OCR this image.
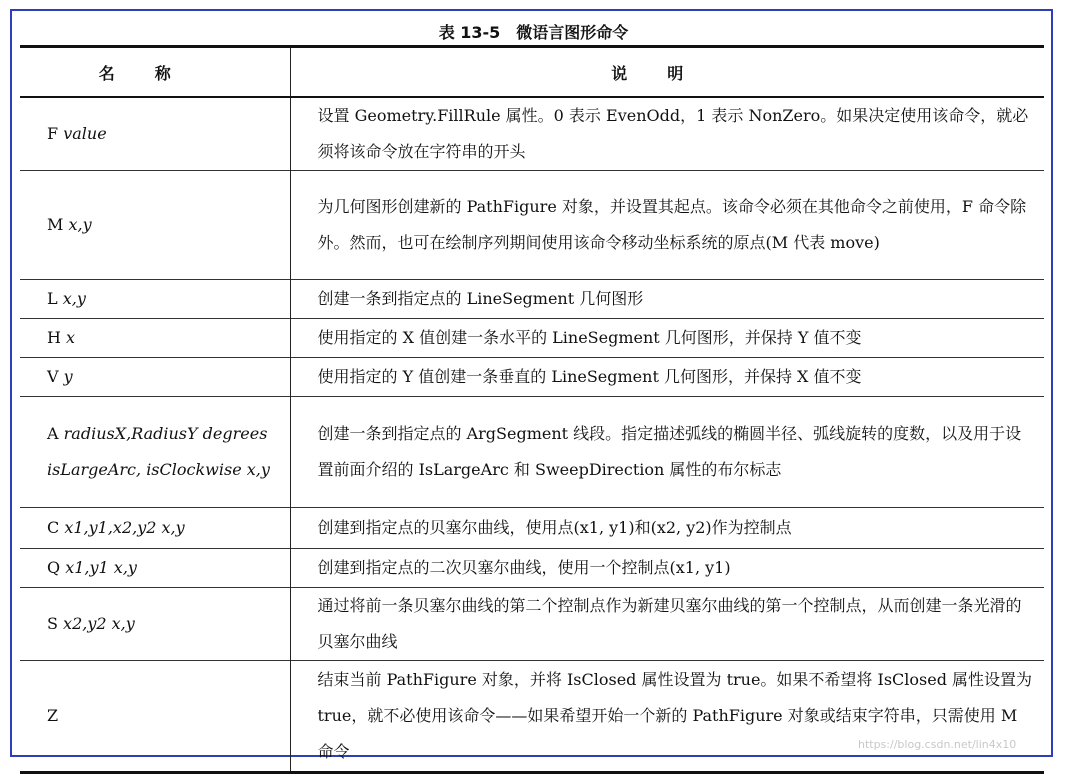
表 13-5　微语言图形命令
名称	说明
F value	设置 Geometry.FillRule 属性。0 表示 EvenOdd，1 表示 NonZero。如果决定使用该命令，就必须将该命令放在字符串的开头
M x,y	为几何图形创建新的 PathFigure 对象，并设置其起点。该命令必须在其他命令之前使用，F 命令除外。然而，也可在绘制序列期间使用该命令移动坐标系统的原点(M 代表 move)
L x,y	创建一条到指定点的 LineSegment 几何图形
H x	使用指定的 X 值创建一条水平的 LineSegment 几何图形，并保持 Y 值不变
V y	使用指定的 Y 值创建一条垂直的 LineSegment 几何图形，并保持 X 值不变
A radiusX,RadiusY degrees isLargeArc, isClockwise x,y	创建一条到指定点的 ArgSegment 线段。指定描述弧线的椭圆半径、弧线旋转的度数，以及用于设置前面介绍的 IsLargeArc 和 SweepDirection 属性的布尔标志
C x1,y1,x2,y2 x,y	创建到指定点的贝塞尔曲线，使用点(x1, y1)和(x2, y2)作为控制点
Q x1,y1 x,y	创建到指定点的二次贝塞尔曲线，使用一个控制点(x1, y1)
S x2,y2 x,y	通过将前一条贝塞尔曲线的第二个控制点作为新建贝塞尔曲线的第一个控制点，从而创建一条光滑的贝塞尔曲线
Z	结束当前 PathFigure 对象，并将 IsClosed 属性设置为 true。如果不希望将 IsClosed 属性设置为 true，就不必使用该命令——如果希望开始一个新的 PathFigure 对象或结束字符串，只需使用 M 命令	https://blog.csdn.net/lin4x10
